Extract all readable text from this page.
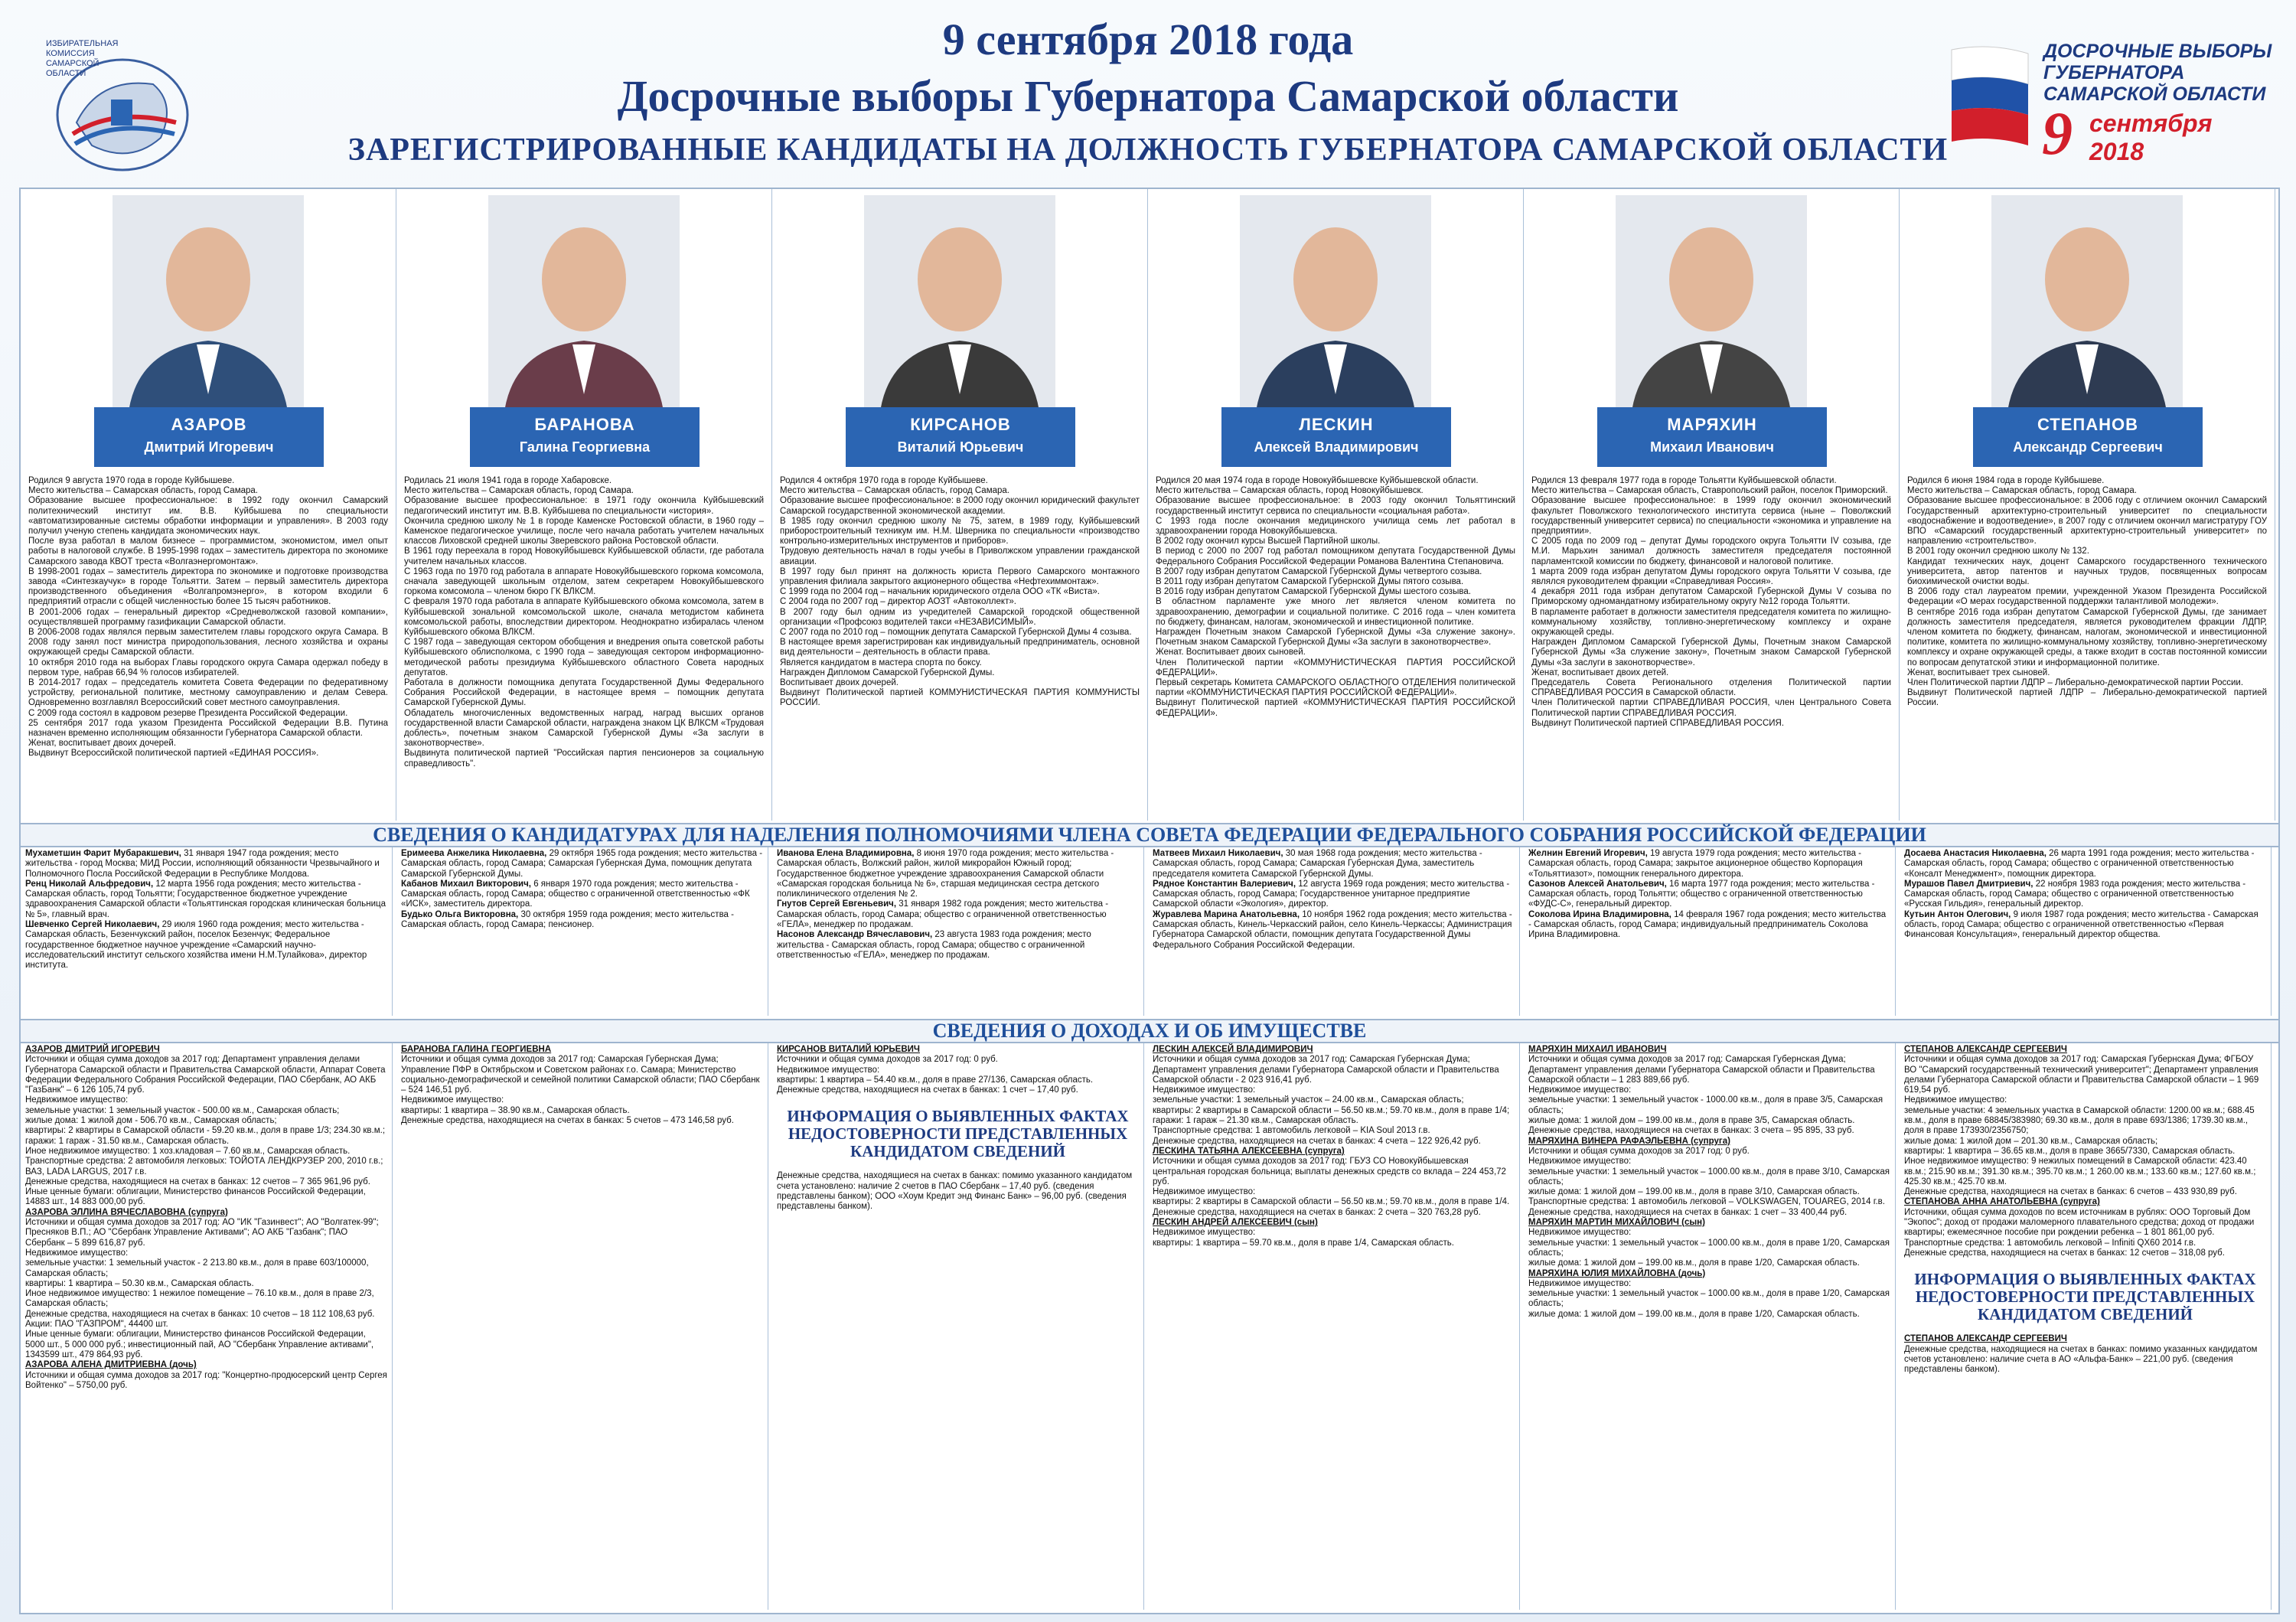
ИЗБИРАТЕЛЬНАЯ
КОМИССИЯ
САМАРСКОЙ
ОБЛАСТИ
9 сентября 2018 года
Досрочные выборы Губернатора Самарской области
ЗАРЕГИСТРИРОВАННЫЕ КАНДИДАТЫ НА ДОЛЖНОСТЬ ГУБЕРНАТОРА САМАРСКОЙ ОБЛАСТИ
ДОСРОЧНЫЕ ВЫБОРЫ
ГУБЕРНАТОРА
САМАРСКОЙ ОБЛАСТИ
9 сентября
2018
АЗАРОВ
Дмитрий Игоревич

Родился 9 августа 1970 года в городе Куйбышеве.

Место жительства – Самарская область, город Самара.

Образование высшее профессиональное: в 1992 году окончил Самарский политехнический институт им. В.В. Куйбышева по специальности «автоматизированные системы обработки информации и управления». В 2003 году получил ученую степень кандидата экономических наук.

После вуза работал в малом бизнесе – программистом, экономистом, имел опыт работы в налоговой службе. В 1995-1998 годах – заместитель директора по экономике Самарского завода КВОТ треста «Волгаэнергомонтаж».

В 1998-2001 годах – заместитель директора по экономике и подготовке производства завода «Синтезкаучук» в городе Тольятти. Затем – первый заместитель директора производственного объединения «Волгапромэнерго», в котором входили 6 предприятий отрасли с общей численностью более 15 тысяч работников.

В 2001-2006 годах – генеральный директор «Средневолжской газовой компании», осуществлявшей программу газификации Самарской области.

В 2006-2008 годах являлся первым заместителем главы городского округа Самара. В 2008 году занял пост министра природопользования, лесного хозяйства и охраны окружающей среды Самарской области.

10 октября 2010 года на выборах Главы городского округа Самара одержал победу в первом туре, набрав 66,94 % голосов избирателей.

В 2014-2017 годах – председатель комитета Совета Федерации по федеративному устройству, региональной политике, местному самоуправлению и делам Севера. Одновременно возглавлял Всероссийский совет местного самоуправления.

С 2009 года состоял в кадровом резерве Президента Российской Федерации.

25 сентября 2017 года указом Президента Российской Федерации В.В. Путина назначен временно исполняющим обязанности Губернатора Самарской области.

Женат, воспитывает двоих дочерей.

Выдвинут Всероссийской политической партией «ЕДИНАЯ РОССИЯ».

БАРАНОВА
Галина Георгиевна

Родилась 21 июля 1941 года в городе Хабаровске.

Место жительства – Самарская область, город Самара.

Образование высшее профессиональное: в 1971 году окончила Куйбышевский педагогический институт им. В.В. Куйбышева по специальности «история».

Окончила среднюю школу № 1 в городе Каменске Ростовской области, в 1960 году – Каменское педагогическое училище, после чего начала работать учителем начальных классов Лиховской средней школы Зверевского района Ростовской области.

В 1961 году переехала в город Новокуйбышевск Куйбышевской области, где работала учителем начальных классов.

С 1963 года по 1970 год работала в аппарате Новокуйбышевского горкома комсомола, сначала заведующей школьным отделом, затем секретарем Новокуйбышевского горкома комсомола – членом бюро ГК ВЛКСМ.

С февраля 1970 года работала в аппарате Куйбышевского обкома комсомола, затем в Куйбышевской зональной комсомольской школе, сначала методистом кабинета комсомольской работы, впоследствии директором. Неоднократно избиралась членом Куйбышевского обкома ВЛКСМ.

С 1987 года – заведующая сектором обобщения и внедрения опыта советской работы Куйбышевского облисполкома, с 1990 года – заведующая сектором информационно-методической работы президиума Куйбышевского областного Совета народных депутатов.

Работала в должности помощника депутата Государственной Думы Федерального Собрания Российской Федерации, в настоящее время – помощник депутата Самарской Губернской Думы.

Обладатель многочисленных ведомственных наград, наград высших органов государственной власти Самарской области, награждена знаком ЦК ВЛКСМ «Трудовая доблесть», почетным знаком Самарской Губернской Думы «За заслуги в законотворчестве».

Выдвинута политической партией "Российская партия пенсионеров за социальную справедливость".

КИРСАНОВ
Виталий Юрьевич

Родился 4 октября 1970 года в городе Куйбышеве.

Место жительства – Самарская область, город Самара.

Образование высшее профессиональное: в 2000 году окончил юридический факультет Самарской государственной экономической академии.

В 1985 году окончил среднюю школу № 75, затем, в 1989 году, Куйбышевский приборостроительный техникум им. Н.М. Шверника по специальности «производство контрольно-измерительных инструментов и приборов».

Трудовую деятельность начал в годы учебы в Приволжском управлении гражданской авиации.

В 1997 году был принят на должность юриста Первого Самарского монтажного управления филиала закрытого акционерного общества «Нефтехиммонтаж».

С 1999 года по 2004 год – начальник юридического отдела ООО «ТК «Виста».

С 2004 года по 2007 год – директор АОЗТ «Автоколлект».

В 2007 году был одним из учредителей Самарской городской общественной организации «Профсоюз водителей такси «НЕЗАВИСИМЫЙ».

С 2007 года по 2010 год – помощник депутата Самарской Губернской Думы 4 созыва.

В настоящее время зарегистрирован как индивидуальный предприниматель, основной вид деятельности – деятельность в области права.

Является кандидатом в мастера спорта по боксу.

Награжден Дипломом Самарской Губернской Думы.

Воспитывает двоих дочерей.

Выдвинут Политической партией КОММУНИСТИЧЕСКАЯ ПАРТИЯ КОММУНИСТЫ РОССИИ.

ЛЕСКИН
Алексей Владимирович

Родился 20 мая 1974 года в городе Новокуйбышевске Куйбышевской области.

Место жительства – Самарская область, город Новокуйбышевск.

Образование высшее профессиональное: в 2003 году окончил Тольяттинский государственный институт сервиса по специальности «социальная работа».

С 1993 года после окончания медицинского училища семь лет работал в здравоохранении города Новокуйбышевска.

В 2002 году окончил курсы Высшей Партийной школы.

В период с 2000 по 2007 год работал помощником депутата Государственной Думы Федерального Собрания Российской Федерации Романова Валентина Степановича.

В 2007 году избран депутатом Самарской Губернской Думы четвертого созыва.

В 2011 году избран депутатом Самарской Губернской Думы пятого созыва.

В 2016 году избран депутатом Самарской Губернской Думы шестого созыва.

В областном парламенте уже много лет является членом комитета по здравоохранению, демографии и социальной политике. С 2016 года – член комитета по бюджету, финансам, налогам, экономической и инвестиционной политике.

Награжден Почетным знаком Самарской Губернской Думы «За служение закону». Почетным знаком Самарской Губернской Думы «За заслуги в законотворчестве».

Женат. Воспитывает двоих сыновей.

Член Политической партии «КОММУНИСТИЧЕСКАЯ ПАРТИЯ РОССИЙСКОЙ ФЕДЕРАЦИИ».

Первый секретарь Комитета САМАРСКОГО ОБЛАСТНОГО ОТДЕЛЕНИЯ политической партии «КОММУНИСТИЧЕСКАЯ ПАРТИЯ РОССИЙСКОЙ ФЕДЕРАЦИИ».

Выдвинут Политической партией «КОММУНИСТИЧЕСКАЯ ПАРТИЯ РОССИЙСКОЙ ФЕДЕРАЦИИ».

МАРЯХИН
Михаил Иванович

Родился 13 февраля 1977 года в городе Тольятти Куйбышевской области.

Место жительства – Самарская область, Ставропольский район, поселок Приморский.

Образование высшее профессиональное: в 1999 году окончил экономический факультет Поволжского технологического института сервиса (ныне – Поволжский государственный университет сервиса) по специальности «экономика и управление на предприятии».

С 2005 года по 2009 год – депутат Думы городского округа Тольятти IV созыва, где М.И. Марьхин занимал должность заместителя председателя постоянной парламентской комиссии по бюджету, финансовой и налоговой политике.

1 марта 2009 года избран депутатом Думы городского округа Тольятти V созыва, где являлся руководителем фракции «Справедливая Россия».

4 декабря 2011 года избран депутатом Самарской Губернской Думы V созыва по Приморскому одномандатному избирательному округу №12 города Тольятти.

В парламенте работает в должности заместителя председателя комитета по жилищно-коммунальному хозяйству, топливно-энергетическому комплексу и охране окружающей среды.

Награжден Дипломом Самарской Губернской Думы, Почетным знаком Самарской Губернской Думы «За служение закону», Почетным знаком Самарской Губернской Думы «За заслуги в законотворчестве».

Женат, воспитывает двоих детей.

Председатель Совета Регионального отделения Политической партии СПРАВЕДЛИВАЯ РОССИЯ в Самарской области.

Член Политической партии СПРАВЕДЛИВАЯ РОССИЯ, член Центрального Совета Политической партии СПРАВЕДЛИВАЯ РОССИЯ.

Выдвинут Политической партией СПРАВЕДЛИВАЯ РОССИЯ.

СТЕПАНОВ
Александр Сергеевич

Родился 6 июня 1984 года в городе Куйбышеве.

Место жительства – Самарская область, город Самара.

Образование высшее профессиональное: в 2006 году с отличием окончил Самарский Государственный архитектурно-строительный университет по специальности «водоснабжение и водоотведение», в 2007 году с отличием окончил магистратуру ГОУ ВПО «Самарский государственный архитектурно-строительный университет» по направлению «строительство».

В 2001 году окончил среднюю школу № 132.

Кандидат технических наук, доцент Самарского государственного технического университета, автор патентов и научных трудов, посвященных вопросам биохимической очистки воды.

В 2006 году стал лауреатом премии, учрежденной Указом Президента Российской Федерации «О мерах государственной поддержки талантливой молодежи».

В сентябре 2016 года избран депутатом Самарской Губернской Думы, где занимает должность заместителя председателя, является руководителем фракции ЛДПР, членом комитета по бюджету, финансам, налогам, экономической и инвестиционной политике, комитета по жилищно-коммунальному хозяйству, топливно-энергетическому комплексу и охране окружающей среды, а также входит в состав постоянной комиссии по вопросам депутатской этики и информационной политике.

Женат, воспитывает трех сыновей.

Член Политической партии ЛДПР – Либерально-демократической партии России.

Выдвинут Политической партией ЛДПР – Либерально-демократической партией России.

СВЕДЕНИЯ О КАНДИДАТУРАХ ДЛЯ НАДЕЛЕНИЯ ПОЛНОМОЧИЯМИ ЧЛЕНА СОВЕТА ФЕДЕРАЦИИ ФЕДЕРАЛЬНОГО СОБРАНИЯ РОССИЙСКОЙ ФЕДЕРАЦИИ

Мухаметшин Фарит Мубаракшевич, 31 января 1947 года рождения; место жительства - город Москва; МИД России, исполняющий обязанности Чрезвычайного и Полномочного Посла Российской Федерации в Республике Молдова.

Ренц Николай Альфредович, 12 марта 1956 года рождения; место жительства - Самарская область, город Тольятти; Государственное бюджетное учреждение здравоохранения Самарской области «Тольяттинская городская клиническая больница № 5», главный врач.

Шевченко Сергей Николаевич, 29 июля 1960 года рождения; место жительства - Самарская область, Безенчукский район, поселок Безенчук; Федеральное государственное бюджетное научное учреждение «Самарский научно-исследовательский институт сельского хозяйства имени Н.М.Тулайкова», директор института.

Еримеева Анжелика Николаевна, 29 октября 1965 года рождения; место жительства - Самарская область, город Самара; Самарская Губернская Дума, помощник депутата Самарской Губернской Думы.

Кабанов Михаил Викторович, 6 января 1970 года рождения; место жительства - Самарская область, город Самара; общество с ограниченной ответственностью «ФК «ИСК», заместитель директора.

Будько Ольга Викторовна, 30 октября 1959 года рождения; место жительства - Самарская область, город Самара; пенсионер.

Иванова Елена Владимировна, 8 июня 1970 года рождения; место жительства - Самарская область, Волжский район, жилой микрорайон Южный город; Государственное бюджетное учреждение здравоохранения Самарской области «Самарская городская больница № 6», старшая медицинская сестра детского поликлинического отделения № 2.

Гнутов Сергей Евгеньевич, 31 января 1982 года рождения; место жительства - Самарская область, город Самара; общество с ограниченной ответственностью «ГЕЛА», менеджер по продажам.

Насонов Александр Вячеславович, 23 августа 1983 года рождения; место жительства - Самарская область, город Самара; общество с ограниченной ответственностью «ГЕЛА», менеджер по продажам.

Матвеев Михаил Николаевич, 30 мая 1968 года рождения; место жительства - Самарская область, город Самара; Самарская Губернская Дума, заместитель председателя комитета Самарской Губернской Думы.

Рядное Константин Валериевич, 12 августа 1969 года рождения; место жительства - Самарская область, город Самара; Государственное унитарное предприятие Самарской области «Экология», директор.

Журавлева Марина Анатольевна, 10 ноября 1962 года рождения; место жительства - Самарская область, Кинель-Черкасский район, село Кинель-Черкассы; Администрация Губернатора Самарской области, помощник депутата Государственной Думы Федерального Собрания Российской Федерации.

Желнин Евгений Игоревич, 19 августа 1979 года рождения; место жительства - Самарская область, город Самара; закрытое акционерное общество Корпорация «Тольяттиазот», помощник генерального директора.

Сазонов Алексей Анатольевич, 16 марта 1977 года рождения; место жительства - Самарская область, город Тольятти; общество с ограниченной ответственностью «ФУДС-С», генеральный директор.

Соколова Ирина Владимировна, 14 февраля 1967 года рождения; место жительства - Самарская область, город Самара; индивидуальный предприниматель Соколова Ирина Владимировна.

Досаева Анастасия Николаевна, 26 марта 1991 года рождения; место жительства - Самарская область, город Самара; общество с ограниченной ответственностью «Консалт Менеджмент», помощник директора.

Мурашов Павел Дмитриевич, 22 ноября 1983 года рождения; место жительства - Самарская область, город Самара; общество с ограниченной ответственностью «Русская Гильдия», генеральный директор.

Кутьин Антон Олегович, 9 июля 1987 года рождения; место жительства - Самарская область, город Самара; общество с ограниченной ответственностью «Первая Финансовая Консультация», генеральный директор общества.

СВЕДЕНИЯ О ДОХОДАХ И ОБ ИМУЩЕСТВЕ

АЗАРОВ ДМИТРИЙ ИГОРЕВИЧ

Источники и общая сумма доходов за 2017 год: Департамент управления делами Губернатора Самарской области и Правительства Самарской области, Аппарат Совета Федерации Федерального Собрания Российской Федерации, ПАО Сбербанк, АО АКБ "ГазБанк" – 6 126 105,74 руб.

Недвижимое имущество:

земельные участки: 1 земельный участок - 500.00 кв.м., Самарская область;

жилые дома: 1 жилой дом - 506.70 кв.м., Самарская область;

квартиры: 2 квартиры в Самарской области - 59.20 кв.м., доля в праве 1/3; 234.30 кв.м.;

гаражи: 1 гараж - 31.50 кв.м., Самарская область.

Иное недвижимое имущество: 1 хоз.кладовая – 7.60 кв.м., Самарская область.

Транспортные средства: 2 автомобиля легковых: ТОЙОТА ЛЕНДКРУЗЕР 200, 2010 г.в.; ВАЗ, LADA LARGUS, 2017 г.в.

Денежные средства, находящиеся на счетах в банках: 12 счетов – 7 365 961,96 руб.

Иные ценные бумаги: облигации, Министерство финансов Российской Федерации, 14883 шт., 14 883 000,00 руб.

АЗАРОВА ЭЛЛИНА ВЯЧЕСЛАВОВНА (супруга)

Источники и общая сумма доходов за 2017 год: АО "ИК "Газинвест"; АО "Волгатек-99"; Пресняков В.П.; АО "Сбербанк Управление Активами"; АО АКБ "Газбанк"; ПАО Сбербанк – 5 899 616,87 руб.

Недвижимое имущество:

земельные участки: 1 земельный участок - 2 213.80 кв.м., доля в праве 603/100000, Самарская область;

квартиры: 1 квартира – 50.30 кв.м., Самарская область.

Иное недвижимое имущество: 1 нежилое помещение – 76.10 кв.м., доля в праве 2/3, Самарская область;

Денежные средства, находящиеся на счетах в банках: 10 счетов – 18 112 108,63 руб.

Акции: ПАО "ГАЗПРОМ", 44400 шт.

Иные ценные бумаги: облигации, Министерство финансов Российской Федерации, 5000 шт., 5 000 000 руб.; инвестиционный пай, АО "Сбербанк Управление активами", 1343599 шт., 479 864,93 руб.

АЗАРОВА АЛЕНА ДМИТРИЕВНА (дочь)

Источники и общая сумма доходов за 2017 год: "Концертно-продюсерский центр Сергея Войтенко" – 5750,00 руб.

БАРАНОВА ГАЛИНА ГЕОРГИЕВНА

Источники и общая сумма доходов за 2017 год: Самарская Губернская Дума; Управление ПФР в Октябрьском и Советском районах г.о. Самара; Министерство социально-демографической и семейной политики Самарской области; ПАО Сбербанк – 524 146,51 руб.

Недвижимое имущество:

квартиры: 1 квартира – 38.90 кв.м., Самарская область.

Денежные средства, находящиеся на счетах в банках: 5 счетов – 473 146,58 руб.

КИРСАНОВ ВИТАЛИЙ ЮРЬЕВИЧ

Источники и общая сумма доходов за 2017 год: 0 руб.

Недвижимое имущество:

квартиры: 1 квартира – 54.40 кв.м., доля в праве 27/136, Самарская область.

Денежные средства, находящиеся на счетах в банках: 1 счет – 17,40 руб.

ИНФОРМАЦИЯ О ВЫЯВЛЕННЫХ ФАКТАХ НЕДОСТОВЕРНОСТИ ПРЕДСТАВЛЕННЫХ КАНДИДАТОМ СВЕДЕНИЙ

Денежные средства, находящиеся на счетах в банках: помимо указанного кандидатом счета установлено: наличие 2 счетов в ПАО Сбербанк – 17,40 руб. (сведения представлены банком); ООО «Хоум Кредит энд Финанс Банк» – 96,00 руб. (сведения представлены банком).

ЛЕСКИН АЛЕКСЕЙ ВЛАДИМИРОВИЧ

Источники и общая сумма доходов за 2017 год: Самарская Губернская Дума; Департамент управления делами Губернатора Самарской области и Правительства Самарской области - 2 023 916,41 руб.

Недвижимое имущество:

земельные участки: 1 земельный участок – 24.00 кв.м., Самарская область;

квартиры: 2 квартиры в Самарской области – 56.50 кв.м.; 59.70 кв.м., доля в праве 1/4;

гаражи: 1 гараж – 21.30 кв.м., Самарская область.

Транспортные средства: 1 автомобиль легковой – KIA Soul 2013 г.в.

Денежные средства, находящиеся на счетах в банках: 4 счета – 122 926,42 руб.

ЛЕСКИНА ТАТЬЯНА АЛЕКСЕЕВНА (супруга)

Источники и общая сумма доходов за 2017 год: ГБУЗ СО Новокуйбышевская центральная городская больница; выплаты денежных средств со вклада – 224 453,72 руб.

Недвижимое имущество:

квартиры: 2 квартиры в Самарской области – 56.50 кв.м.; 59.70 кв.м., доля в праве 1/4.

Денежные средства, находящиеся на счетах в банках: 2 счета – 320 763,28 руб.

ЛЕСКИН АНДРЕЙ АЛЕКСЕЕВИЧ (сын)

Недвижимое имущество:

квартиры: 1 квартира – 59.70 кв.м., доля в праве 1/4, Самарская область.

МАРЯХИН МИХАИЛ ИВАНОВИЧ

Источники и общая сумма доходов за 2017 год: Самарская Губернская Дума; Департамент управления делами Губернатора Самарской области и Правительства Самарской области – 1 283 889,66 руб.

Недвижимое имущество:

земельные участки: 1 земельный участок - 1000.00 кв.м., доля в праве 3/5, Самарская область;

жилые дома: 1 жилой дом – 199.00 кв.м., доля в праве 3/5, Самарская область.

Денежные средства, находящиеся на счетах в банках: 3 счета – 95 895, 33 руб.

МАРЯХИНА ВИНЕРА РАФАЭЛЬЕВНА (супруга)

Источники и общая сумма доходов за 2017 год: 0 руб.

Недвижимое имущество:

земельные участки: 1 земельный участок – 1000.00 кв.м., доля в праве 3/10, Самарская область;

жилые дома: 1 жилой дом – 199.00 кв.м., доля в праве 3/10, Самарская область.

Транспортные средства: 1 автомобиль легковой – VOLKSWAGEN, TOUAREG, 2014 г.в.

Денежные средства, находящиеся на счетах в банках: 1 счет – 33 400,44 руб.

МАРЯХИН МАРТИН МИХАЙЛОВИЧ (сын)

Недвижимое имущество:

земельные участки: 1 земельный участок – 1000.00 кв.м., доля в праве 1/20, Самарская область;

жилые дома: 1 жилой дом – 199.00 кв.м., доля в праве 1/20, Самарская область.

МАРЯХИНА ЮЛИЯ МИХАЙЛОВНА (дочь)

Недвижимое имущество:

земельные участки: 1 земельный участок – 1000.00 кв.м., доля в праве 1/20, Самарская область;

жилые дома: 1 жилой дом – 199.00 кв.м., доля в праве 1/20, Самарская область.

СТЕПАНОВ АЛЕКСАНДР СЕРГЕЕВИЧ

Источники и общая сумма доходов за 2017 год: Самарская Губернская Дума; ФГБОУ ВО "Самарский государственный технический университет"; Департамент управления делами Губернатора Самарской области и Правительства Самарской области – 1 969 619,54 руб.

Недвижимое имущество:

земельные участки: 4 земельных участка в Самарской области: 1200.00 кв.м.; 688.45 кв.м., доля в праве 68845/383980; 69.30 кв.м., доля в праве 693/1386; 1739.30 кв.м., доля в праве 173930/2356750;

жилые дома: 1 жилой дом – 201.30 кв.м., Самарская область;

квартиры: 1 квартира – 36.65 кв.м., доля в праве 3665/7330, Самарская область.

Иное недвижимое имущество: 9 нежилых помещений в Самарской области: 423.40 кв.м.; 215.90 кв.м.; 391.30 кв.м.; 395.70 кв.м.; 1 260.00 кв.м.; 133.60 кв.м.; 127.60 кв.м.; 425.30 кв.м.; 425.70 кв.м.

Денежные средства, находящиеся на счетах в банках: 6 счетов – 433 930,89 руб.

СТЕПАНОВА АННА АНАТОЛЬЕВНА (супруга)

Источники, общая сумма доходов по всем источникам в рублях: ООО Торговый Дом "Экопос"; доход от продажи маломерного плавательного средства; доход от продажи квартиры; ежемесячное пособие при рождении ребенка – 1 801 861,00 руб.

Транспортные средства: 1 автомобиль легковой – Infiniti QX60 2014 г.в.

Денежные средства, находящиеся на счетах в банках: 12 счетов – 318,08 руб.

ИНФОРМАЦИЯ О ВЫЯВЛЕННЫХ ФАКТАХ НЕДОСТОВЕРНОСТИ ПРЕДСТАВЛЕННЫХ КАНДИДАТОМ СВЕДЕНИЙ

СТЕПАНОВ АЛЕКСАНДР СЕРГЕЕВИЧ

Денежные средства, находящиеся на счетах в банках: помимо указанных кандидатом счетов установлено: наличие счета в АО «Альфа-Банк» – 221,00 руб. (сведения представлены банком).
